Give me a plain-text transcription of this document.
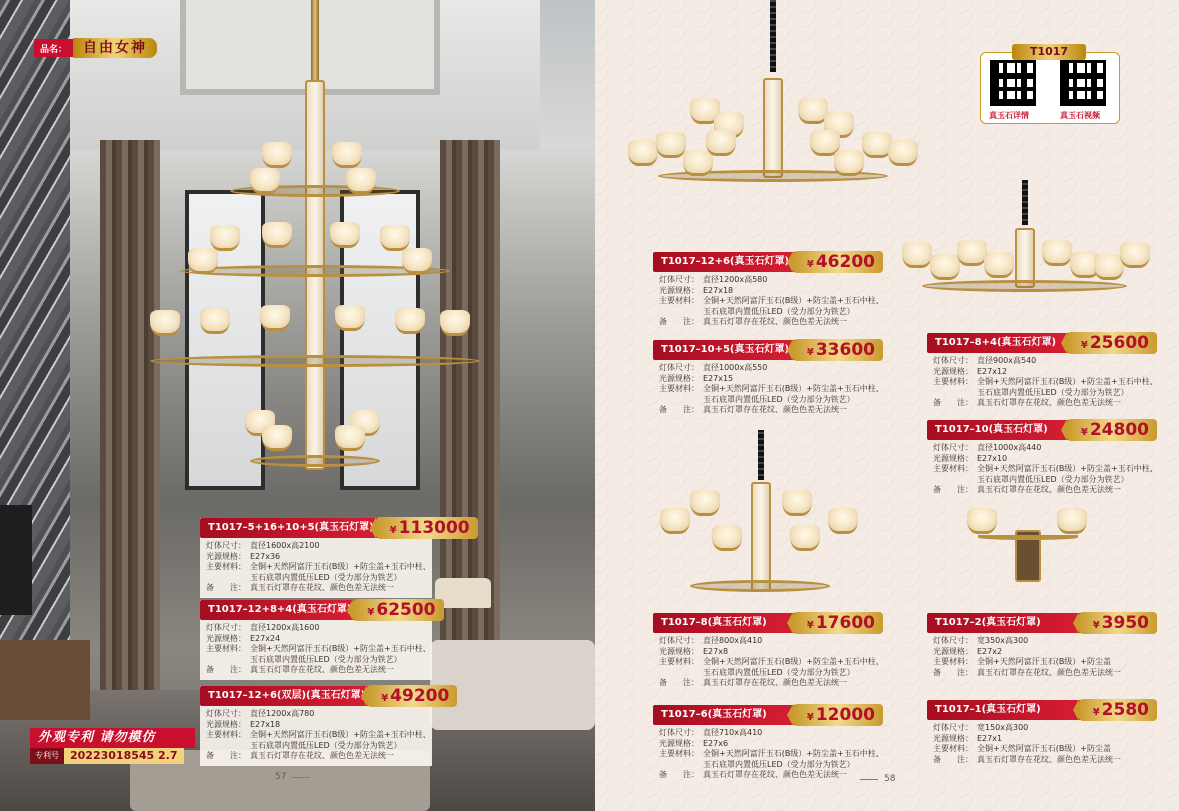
品名：	自由女神
T1017–5+16+10+5(真玉石灯罩)	¥ 113000
灯体尺寸： 直径1600x高2100
光源规格： E27x36
主要材料： 全铜+天然阿富汗玉石(B级）+防尘盖+玉石中柱、
玉石底罩内置低压LED（受力部分为铁艺）
备　　注： 真玉石灯罩存在花纹、颜色色差无法统一
T1017–12+8+4(真玉石灯罩)	¥ 62500
灯体尺寸： 直径1200x高1600
光源规格： E27x24
主要材料： 全铜+天然阿富汗玉石(B级）+防尘盖+玉石中柱、
玉石底罩内置低压LED（受力部分为铁艺）
备　　注： 真玉石灯罩存在花纹、颜色色差无法统一
T1017–12+6(双层)(真玉石灯罩)	¥ 49200
灯体尺寸： 直径1200x高780
光源规格： E27x18
主要材料： 全铜+天然阿富汗玉石(B级）+防尘盖+玉石中柱、
玉石底罩内置低压LED（受力部分为铁艺）
备　　注： 真玉石灯罩存在花纹、颜色色差无法统一
外观专利 请勿模仿
专利号	20223018545 2.7
57
T1017
真玉石详情	真玉石视频
T1017–12+6(真玉石灯罩)	¥ 46200
灯体尺寸： 直径1200x高580
光源规格： E27x18
主要材料： 全铜+天然阿富汗玉石(B级）+防尘盖+玉石中柱、
玉石底罩内置低压LED（受力部分为铁艺）
备　　注： 真玉石灯罩存在花纹、颜色色差无法统一
T1017–10+5(真玉石灯罩)	¥ 33600
灯体尺寸： 直径1000x高550
光源规格： E27x15
主要材料： 全铜+天然阿富汗玉石(B级）+防尘盖+玉石中柱、
玉石底罩内置低压LED（受力部分为铁艺）
备　　注： 真玉石灯罩存在花纹、颜色色差无法统一
T1017–8+4(真玉石灯罩)	¥ 25600
灯体尺寸： 直径900x高540
光源规格： E27x12
主要材料： 全铜+天然阿富汗玉石(B级）+防尘盖+玉石中柱、
玉石底罩内置低压LED（受力部分为铁艺）
备　　注： 真玉石灯罩存在花纹、颜色色差无法统一
T1017–10(真玉石灯罩)	¥ 24800
灯体尺寸： 直径1000x高440
光源规格： E27x10
主要材料： 全铜+天然阿富汗玉石(B级）+防尘盖+玉石中柱、
玉石底罩内置低压LED（受力部分为铁艺）
备　　注： 真玉石灯罩存在花纹、颜色色差无法统一
T1017–8(真玉石灯罩)	¥ 17600
灯体尺寸： 直径800x高410
光源规格： E27x8
主要材料： 全铜+天然阿富汗玉石(B级）+防尘盖+玉石中柱、
玉石底罩内置低压LED（受力部分为铁艺）
备　　注： 真玉石灯罩存在花纹、颜色色差无法统一
T1017–2(真玉石灯罩)	¥ 3950
灯体尺寸： 宽350x高300
光源规格： E27x2
主要材料： 全铜+天然阿富汗玉石(B级）+防尘盖
备　　注： 真玉石灯罩存在花纹、颜色色差无法统一
T1017–6(真玉石灯罩)	¥ 12000
灯体尺寸： 直径710x高410
光源规格： E27x6
主要材料： 全铜+天然阿富汗玉石(B级）+防尘盖+玉石中柱、
玉石底罩内置低压LED（受力部分为铁艺）
备　　注： 真玉石灯罩存在花纹、颜色色差无法统一
T1017–1(真玉石灯罩)	¥ 2580
灯体尺寸： 宽150x高300
光源规格： E27x1
主要材料： 全铜+天然阿富汗玉石(B级）+防尘盖
备　　注： 真玉石灯罩存在花纹、颜色色差无法统一
58
